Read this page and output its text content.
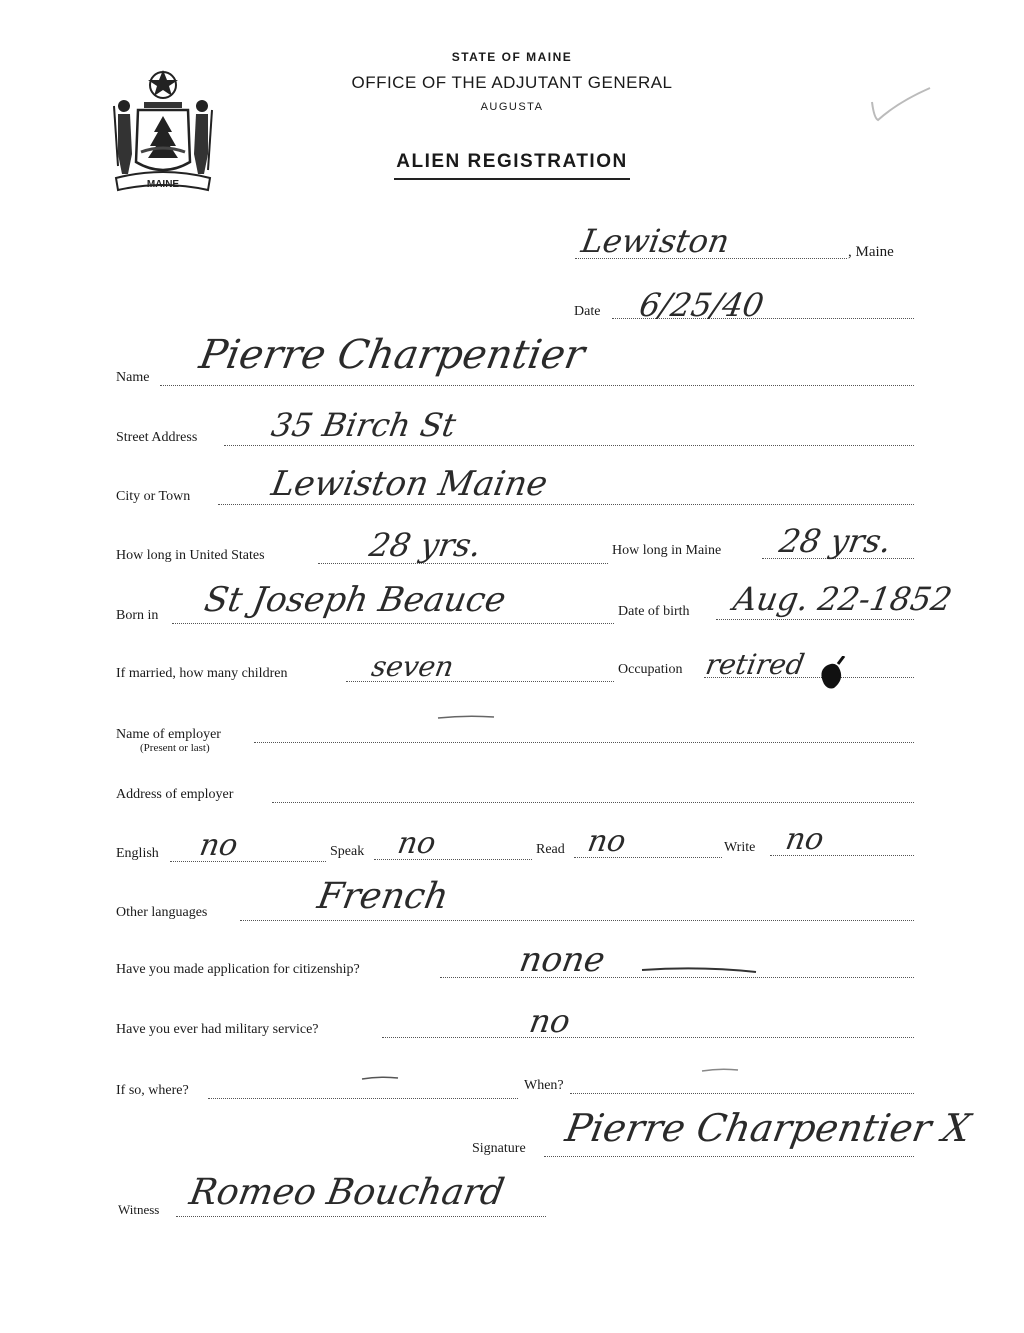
MAINE
STATE OF MAINE
OFFICE OF THE ADJUTANT GENERAL
AUGUSTA
ALIEN REGISTRATION
Lewiston	, Maine
Date 6/25/40
Name Pierre Charpentier
Street Address 35 Birch St
City or Town Lewiston Maine
How long in United States	28 yrs.	How long in Maine 28 yrs.
Born in St Joseph Beauce	Date of birth Aug. 22-1852
If married, how many children	seven	Occupation retired
Name of employer
(Present or last)
Address of employer
English no	Speak no	Read no	Write no
Other languages	French
Have you made application for citizenship?	none
Have you ever had military service?	no
If so, where?	When?
Signature Pierre Charpentier X
Witness Romeo Bouchard
